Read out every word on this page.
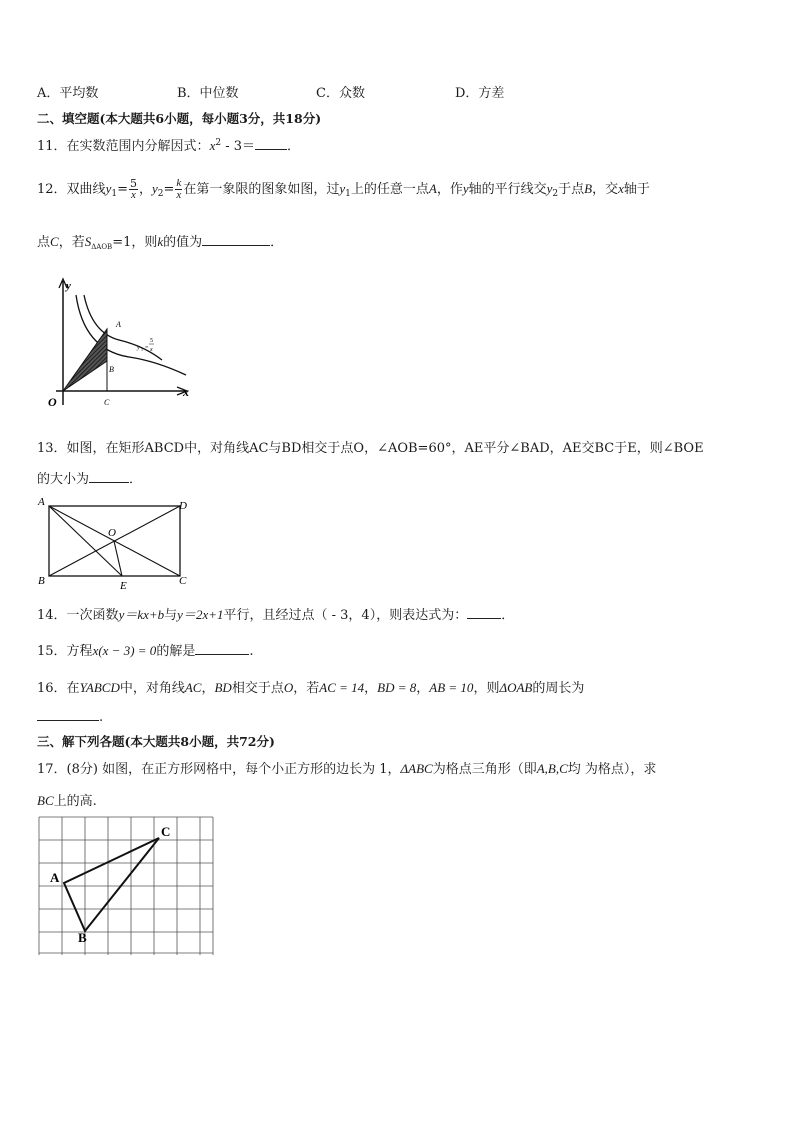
A．平均数	B．中位数	C．众数	D．方差
二、填空题(本大题共6小题，每小题3分，共18分)
11．在实数范围内分解因式：$x^2 - 3=$ ．
12．双曲线$y_1= \frac{5}{x}$ ，$y_2= \frac{k}{x}$ 在第一象限的图象如图，过$y_1$上的任意一点A，作y轴的平行线交$y_2$于点B，交x轴于
点C，若$S_{\Delta AOB}=1$，则k的值为	．
y
x
O
A
B
C
y 1 =
5
x
13．如图，在矩形ABCD中，对角线AC与BD相交于点O，∠AOB=60°，AE平分∠BAD，AE交BC于E，则∠BOE
的大小为	．
A	D
B	C
O
E
14．一次函数y＝kx+b与y＝2x+1平行，且经过点（ - 3，4），则表达式为：	．
15．方程x(x − 3) = 0的解是	.
16．在YABCD中，对角线AC，BD相交于点O，若AC = 14，BD = 8，AB = 10，则ΔOAB的周长为
.
三、解下列各题(本大题共8小题，共72分)
17．(8分) 如图，在正方形网格中，每个小正方形的边长为 1，ΔABC为格点三角形（即A,B,C均 为格点），求
BC上的高.
A
B
C
